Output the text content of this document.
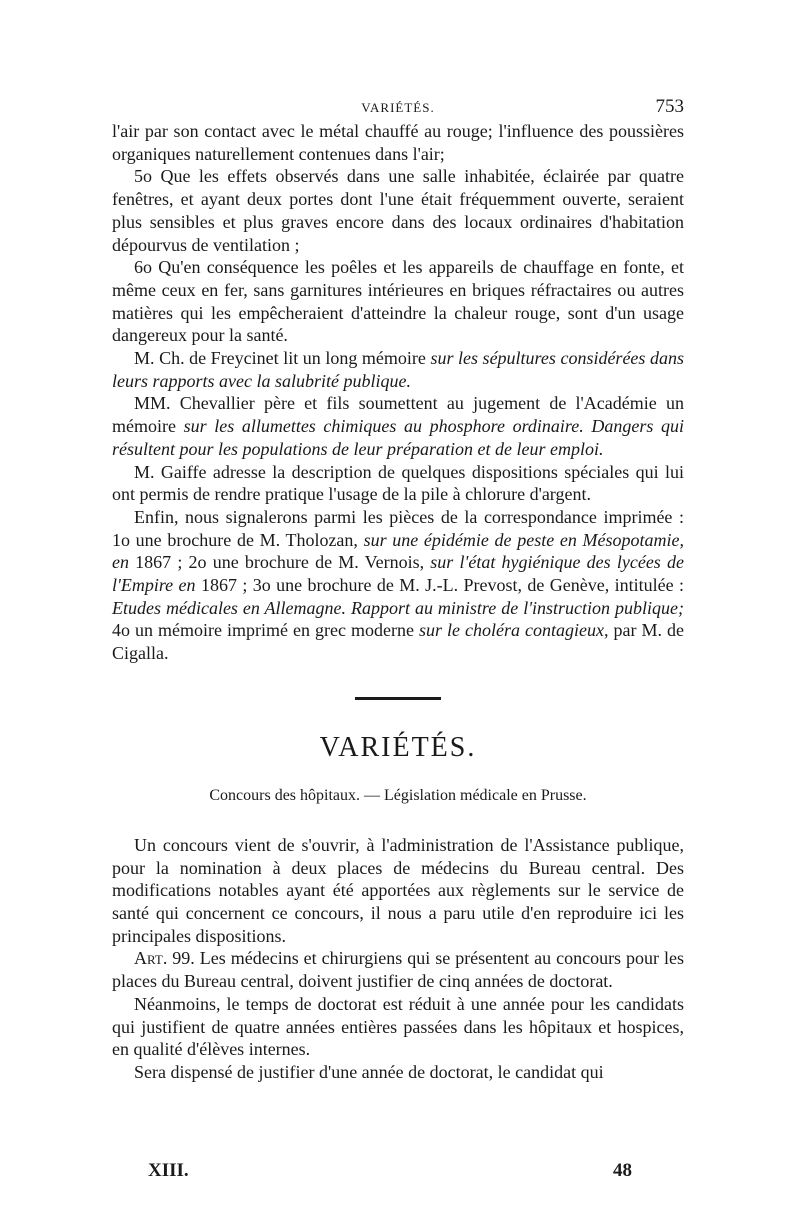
VARIÉTÉS.	753

l'air par son contact avec le métal chauffé au rouge; l'influence des poussières organiques naturellement contenues dans l'air;

5o Que les effets observés dans une salle inhabitée, éclairée par quatre fenêtres, et ayant deux portes dont l'une était fréquemment ouverte, seraient plus sensibles et plus graves encore dans des locaux ordinaires d'habitation dépourvus de ventilation ;

6o Qu'en conséquence les poêles et les appareils de chauffage en fonte, et même ceux en fer, sans garnitures intérieures en briques réfractaires ou autres matières qui les empêcheraient d'atteindre la chaleur rouge, sont d'un usage dangereux pour la santé.

M. Ch. de Freycinet lit un long mémoire sur les sépultures considérées dans leurs rapports avec la salubrité publique.

MM. Chevallier père et fils soumettent au jugement de l'Académie un mémoire sur les allumettes chimiques au phosphore ordinaire. Dangers qui résultent pour les populations de leur préparation et de leur emploi.

M. Gaiffe adresse la description de quelques dispositions spéciales qui lui ont permis de rendre pratique l'usage de la pile à chlorure d'argent.

Enfin, nous signalerons parmi les pièces de la correspondance imprimée : 1o une brochure de M. Tholozan, sur une épidémie de peste en Mésopotamie, en 1867 ; 2o une brochure de M. Vernois, sur l'état hygiénique des lycées de l'Empire en 1867 ; 3o une brochure de M. J.-L. Prevost, de Genève, intitulée : Etudes médicales en Allemagne. Rapport au ministre de l'instruction publique; 4o un mémoire imprimé en grec moderne sur le choléra contagieux, par M. de Cigalla.

VARIÉTÉS.
Concours des hôpitaux. — Législation médicale en Prusse.

Un concours vient de s'ouvrir, à l'administration de l'Assistance publique, pour la nomination à deux places de médecins du Bureau central. Des modifications notables ayant été apportées aux règlements sur le service de santé qui concernent ce concours, il nous a paru utile d'en reproduire ici les principales dispositions.

Art. 99. Les médecins et chirurgiens qui se présentent au concours pour les places du Bureau central, doivent justifier de cinq années de doctorat.

Néanmoins, le temps de doctorat est réduit à une année pour les candidats qui justifient de quatre années entières passées dans les hôpitaux et hospices, en qualité d'élèves internes.

Sera dispensé de justifier d'une année de doctorat, le candidat qui

XIII.	48
